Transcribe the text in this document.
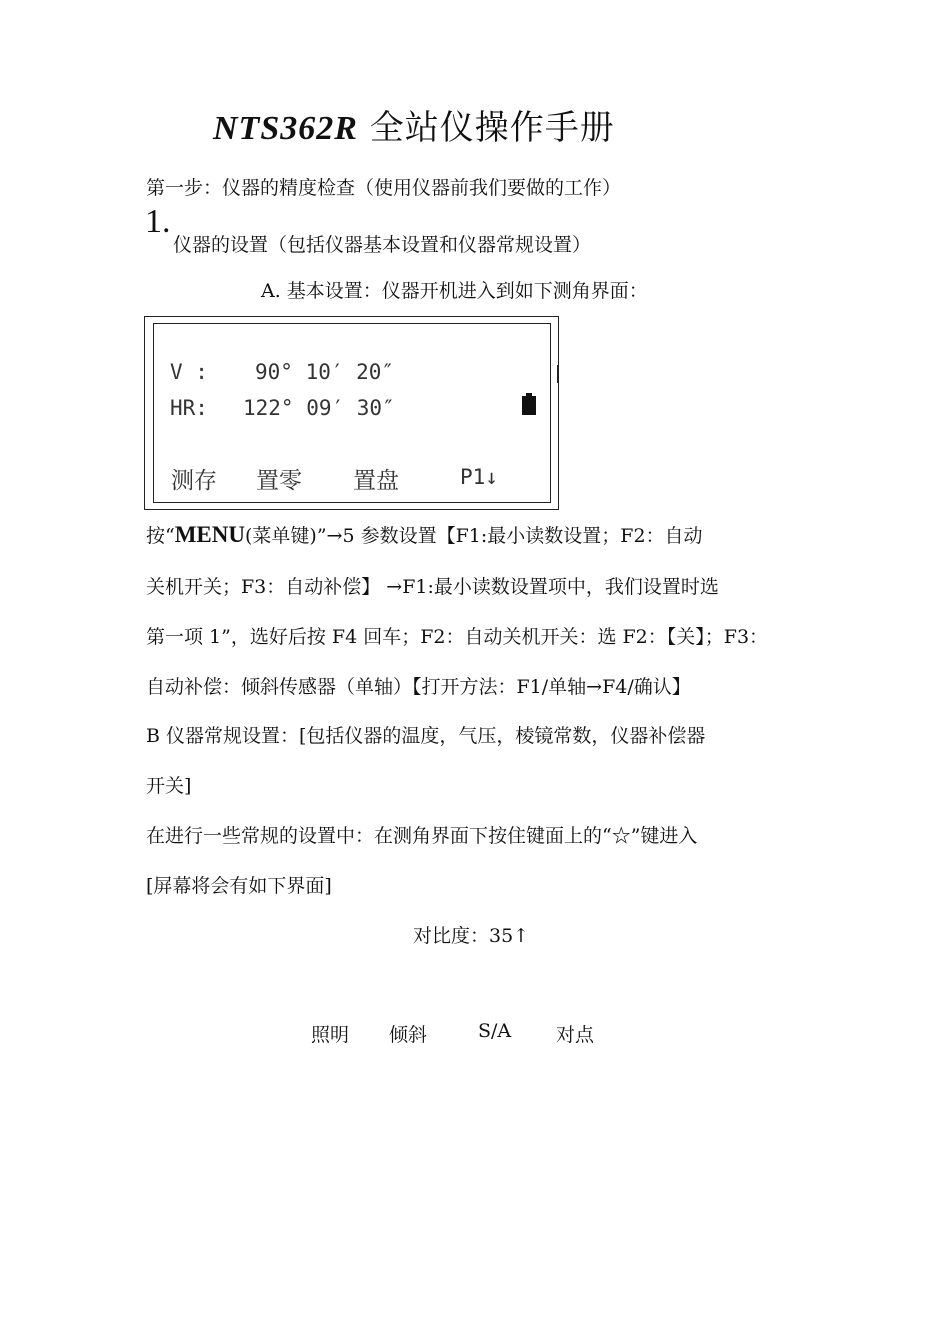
NTS362R 全站仪操作手册
第一步：仪器的精度检查（使用仪器前我们要做的工作）
1.
仪器的设置（包括仪器基本设置和仪器常规设置）
A. 基本设置：仪器开机进入到如下测角界面：
V : 90° 10′ 20″
HR: 122° 09′ 30″
测存 置零 置盘	P1↓
按“MENU(菜单键)”→5 参数设置【F1:最小读数设置；F2：自动
关机开关；F3：自动补偿】 →F1:最小读数设置项中，我们设置时选
第一项 1”，选好后按 F4 回车；F2：自动关机开关：选 F2：【关】；F3：
自动补偿：倾斜传感器（单轴）【打开方法：F1/单轴→F4/确认】
B 仪器常规设置：[包括仪器的温度，气压，棱镜常数，仪器补偿器
开关]
在进行一些常规的设置中：在测角界面下按住键面上的“☆”键进入
[屏幕将会有如下界面]
对比度：35↑
照明 倾斜	S/A 对点
